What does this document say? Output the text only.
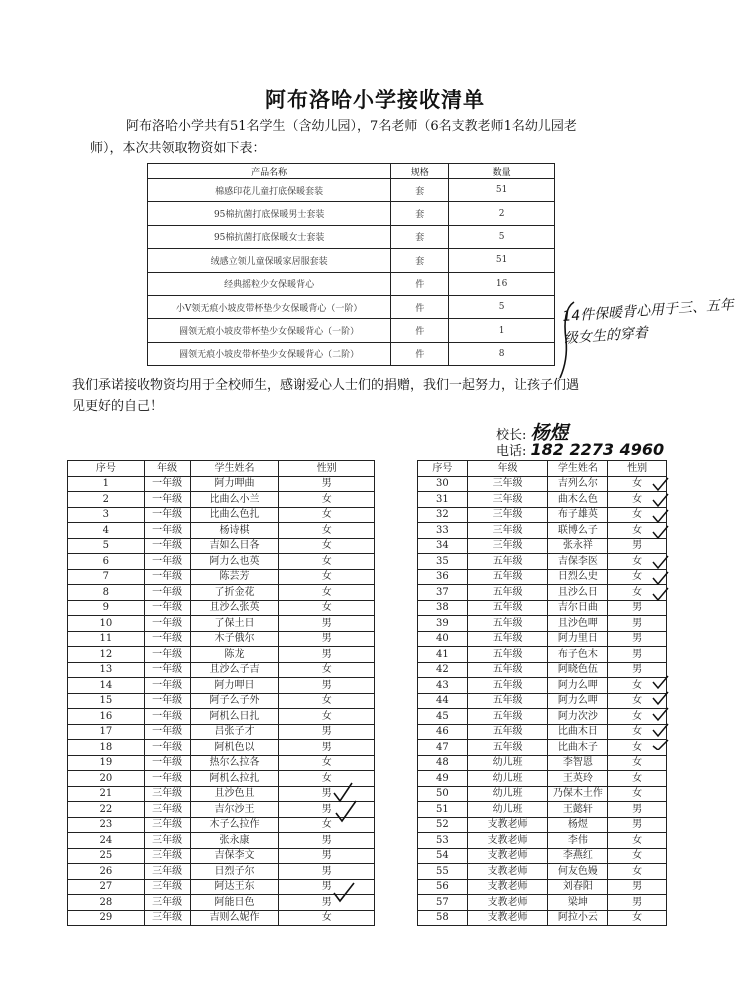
阿布洛哈小学接收清单
阿布洛哈小学共有51名学生（含幼儿园），7名老师（6名支教老师1名幼儿园老
师），本次共领取物资如下表：
产品名称	规格	数量
棉感印花儿童打底保暖套装	套	51
95棉抗菌打底保暖男士套装	套	2
95棉抗菌打底保暖女士套装	套	5
绒感立领儿童保暖家居服套装	套	51
经典摇粒少女保暖背心	件	16
小V领无痕小坡皮带杯垫少女保暖背心（一阶）	件	5
圆领无痕小坡皮带杯垫少女保暖背心（一阶）	件	1
圆领无痕小坡皮带杯垫少女保暖背心（二阶）	件	8
14件保暖背心用于三、五年级女生的穿着
我们承诺接收物资均用于全校师生，感谢爱心人士们的捐赠，我们一起努力，让孩子们遇
见更好的自己！
校长: 杨煜
电话: 182 2273 4960
序号	年级	学生姓名	性别
1	一年级	阿力呷曲	男
2	一年级	比曲么小兰	女
3	一年级	比曲么色扎	女
4	一年级	杨诗棋	女
5	一年级	吉如么日各	女
6	一年级	阿力么也英	女
7	一年级	陈芸芳	女
8	一年级	了折金花	女
9	一年级	且沙么张英	女
10	一年级	了保土日	男
11	一年级	木子俄尔	男
12	一年级	陈龙	男
13	一年级	且沙么子吉	女
14	一年级	阿力呷日	男
15	一年级	阿子么子外	女
16	一年级	阿机么日扎	女
17	一年级	吕张子才	男
18	一年级	阿机色以	男
19	一年级	热尔么拉各	女
20	一年级	阿机么拉扎	女
21	三年级	且沙色且	男
22	三年级	吉尔沙王	男
23	三年级	木子么拉作	女
24	三年级	张永康	男
25	三年级	吉保李文	男
26	三年级	日烈子尔	男
27	三年级	阿达王东	男
28	三年级	阿能日色	男
29	三年级	吉则么妮作	女
序号	年级	学生姓名	性别
30	三年级	吉列么尔	女
31	三年级	曲木么色	女
32	三年级	布子雄英	女
33	三年级	联博么子	女
34	三年级	张永祥	男
35	五年级	吉保李医	女
36	五年级	日烈么史	女
37	五年级	且沙么日	女
38	五年级	吉尔日曲	男
39	五年级	且沙色呷	男
40	五年级	阿力里日	男
41	五年级	布子色木	男
42	五年级	阿晓色伍	男
43	五年级	阿力么呷	女
44	五年级	阿力么呷	女
45	五年级	阿力次沙	女
46	五年级	比曲木日	女
47	五年级	比曲木子	女
48	幼儿班	李智恩	女
49	幼儿班	王英玲	女
50	幼儿班	乃保木土作	女
51	幼儿班	王懿轩	男
52	支教老师	杨煜	男
53	支教老师	李伟	女
54	支教老师	李燕红	女
55	支教老师	何友色嫚	女
56	支教老师	刘春阳	男
57	支教老师	梁坤	男
58	支教老师	阿拉小云	女
